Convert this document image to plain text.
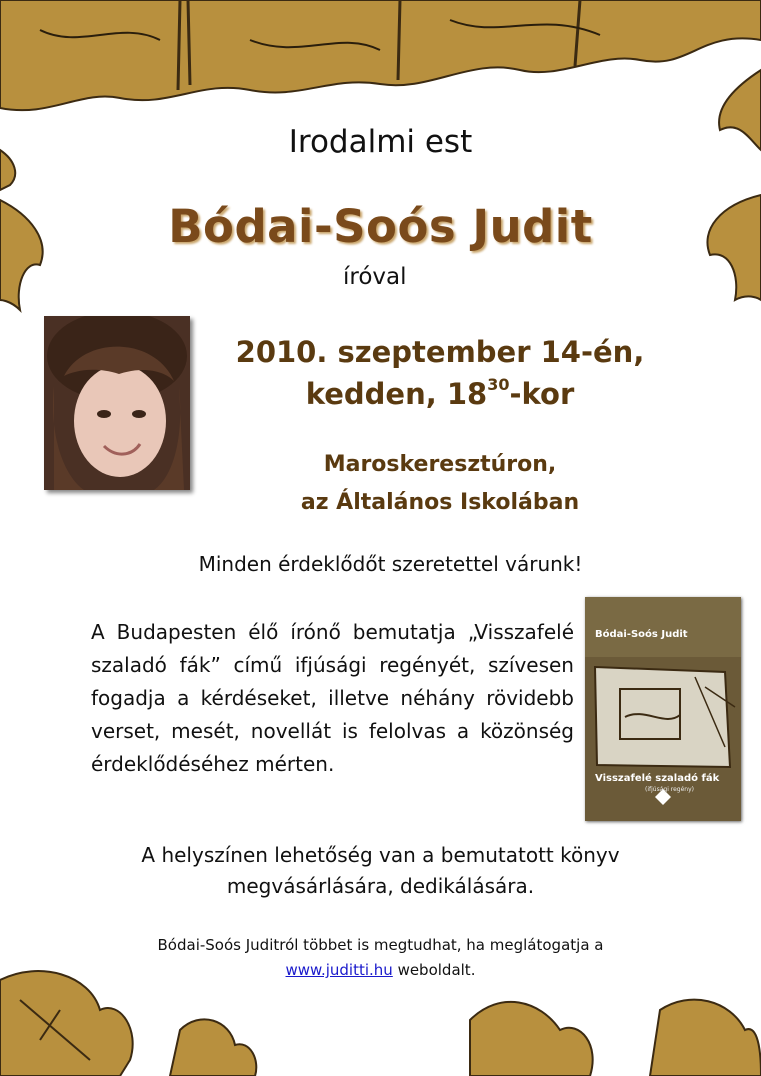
Irodalmi est
Bódai-Soós Judit
íróval
2010. szeptember 14-én,
kedden, $18^{30}$-kor
Maroskeresztúron,
az Általános Iskolában
Minden érdeklődőt szeretettel várunk!
A Budapesten élő írónő bemutatja „Visszafelé szaladó fák” című ifjúsági regényét, szívesen fogadja a kérdéseket, illetve néhány rövidebb verset, mesét, novellát is felolvas a közönség érdeklődéséhez mérten.
Bódai-Soós Judit
Visszafelé szaladó fák
(ifjúsági regény)
A helyszínen lehetőség van a bemutatott könyv
megvásárlására, dedikálására.
Bódai-Soós Juditról többet is megtudhat, ha meglátogatja a
www.juditti.hu weboldalt.
